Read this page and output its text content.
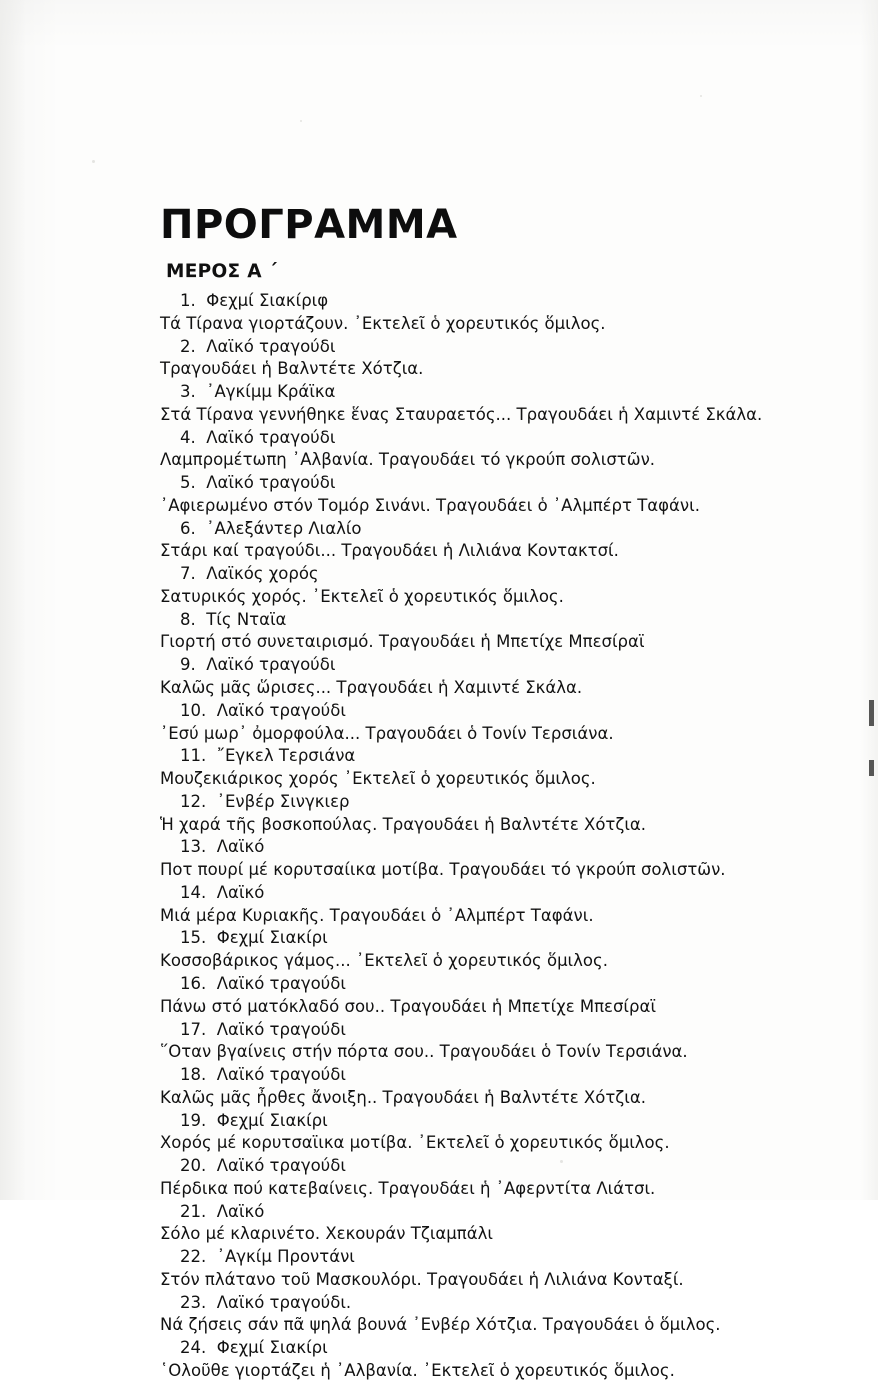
ΠΡΟΓΡΑΜΜΑ
ΜΕΡΟΣ Α ´
1.  Φεχμί Σιακίριφ
Τά Τίρανα γιορτάζουν. ᾿Εκτελεῖ ὁ χορευτικός ὅμιλος.
2.  Λαϊκό τραγούδι
Τραγουδάει ἡ Βαλντέτε Χότζια.
3.  ᾿Αγκίμμ Κράϊκα
Στά Τίρανα γεννήθηκε ἕνας Σταυραετός... Τραγουδάει ἡ Χαμιντέ Σκάλα.
4.  Λαϊκό τραγούδι
Λαμπρομέτωπη ᾿Αλβανία. Τραγουδάει τό γκρούπ σολιστῶν.
5.  Λαϊκό τραγούδι
᾿Αφιερωμένο στόν Τομόρ Σινάνι. Τραγουδάει ὁ ᾿Αλμπέρτ Ταφάνι.
6.  ᾿Αλεξάντερ Λιαλίο
Στάρι καί τραγούδι... Τραγουδάει ἡ Λιλιάνα Κοντακτσί.
7.  Λαϊκός χορός
Σατυρικός χορός. ᾿Εκτελεῖ ὁ χορευτικός ὅμιλος.
8.  Τίς Νταϊα
Γιορτή στό συνεταιρισμό. Τραγουδάει ἡ Μπετίχε Μπεσίραϊ
9.  Λαϊκό τραγούδι
Καλῶς μᾶς ὥρισες... Τραγουδάει ἡ Χαμιντέ Σκάλα.
10.  Λαϊκό τραγούδι
᾿Εσύ μωρ᾿ ὀμορφούλα... Τραγουδάει ὁ Τονίν Τερσιάνα.
11.  ῎Εγκελ Τερσιάνα
Μουζεκιάρικος χορός ᾿Εκτελεῖ ὁ χορευτικός ὅμιλος.
12.  ᾿Ενβέρ Σινγκιερ
Ἡ χαρά τῆς βοσκοπούλας. Τραγουδάει ἡ Βαλντέτε Χότζια.
13.  Λαϊκό
Ποτ πουρί μέ κορυτσαίικα μοτίβα. Τραγουδάει τό γκρούπ σολιστῶν.
14.  Λαϊκό
Μιά μέρα Κυριακῆς. Τραγουδάει ὁ ᾿Αλμπέρτ Ταφάνι.
15.  Φεχμί Σιακίρι
Κοσσοβάρικος γάμος... ᾿Εκτελεῖ ὁ χορευτικός ὅμιλος.
16.  Λαϊκό τραγούδι
Πάνω στό ματόκλαδό σου.. Τραγουδάει ἡ Μπετίχε Μπεσίραϊ
17.  Λαϊκό τραγούδι
῞Οταν βγαίνεις στήν πόρτα σου.. Τραγουδάει ὁ Τονίν Τερσιάνα.
18.  Λαϊκό τραγούδι
Καλῶς μᾶς ἦρθες ἄνοιξη.. Τραγουδάει ἡ Βαλντέτε Χότζια.
19.  Φεχμί Σιακίρι
Χορός μέ κορυτσαϊικα μοτίβα. ᾿Εκτελεῖ ὁ χορευτικός ὅμιλος.
20.  Λαϊκό τραγούδι
Πέρδικα πού κατεβαίνεις. Τραγουδάει ἡ ᾿Αφερντίτα Λιάτσι.
21.  Λαϊκό
Σόλο μέ κλαρινέτο. Χεκουράν Τζιαμπάλι
22.  ᾿Αγκίμ Προντάνι
Στόν πλάτανο τοῦ Μασκουλόρι. Τραγουδάει ἡ Λιλιάνα Κονταξί.
23.  Λαϊκό τραγούδι.
Νά ζήσεις σάν πᾶ ψηλά βουνά ᾿Ενβέρ Χότζια. Τραγουδάει ὁ ὅμιλος.
24.  Φεχμί Σιακίρι
῾Ολοῦθε γιορτάζει ἡ ᾿Αλβανία. ᾿Εκτελεῖ ὁ χορευτικός ὅμιλος.
